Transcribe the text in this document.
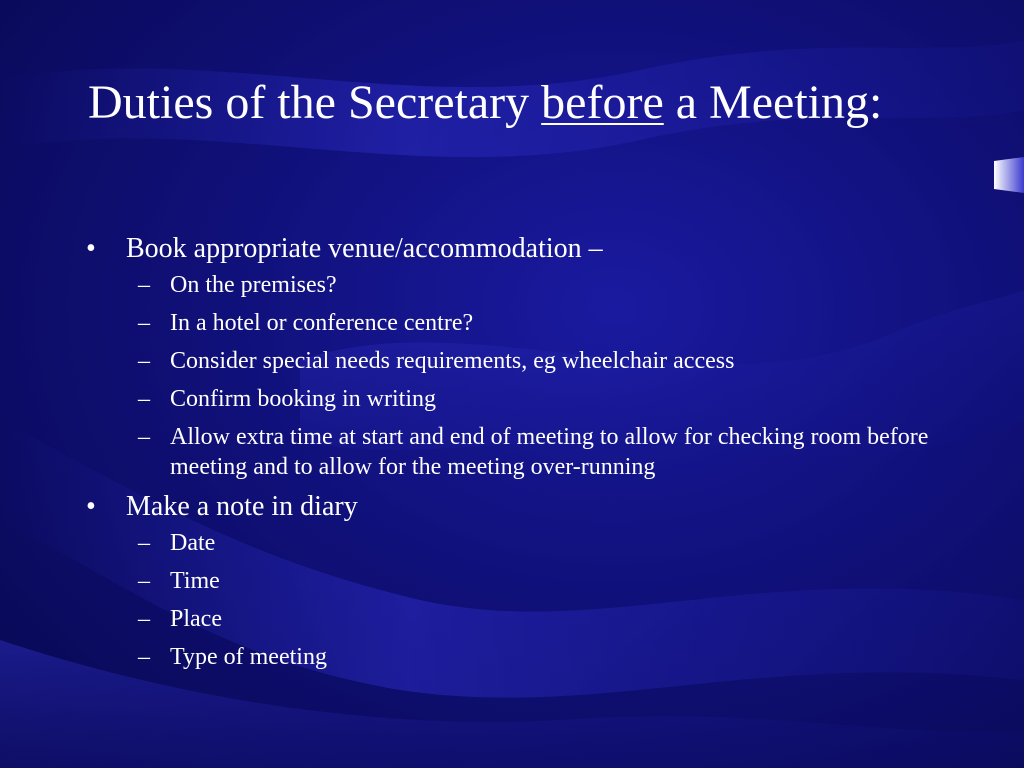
Duties of the Secretary before a Meeting:
•	Book appropriate venue/accommodation –
– On the premises?
– In a hotel or conference centre?
– Consider special needs requirements, eg wheelchair access
– Confirm booking in writing
– Allow extra time at start and end of meeting to allow for checking room before meeting and to allow for the meeting over-running
•	Make a note in diary
– Date
– Time
– Place
– Type of meeting
